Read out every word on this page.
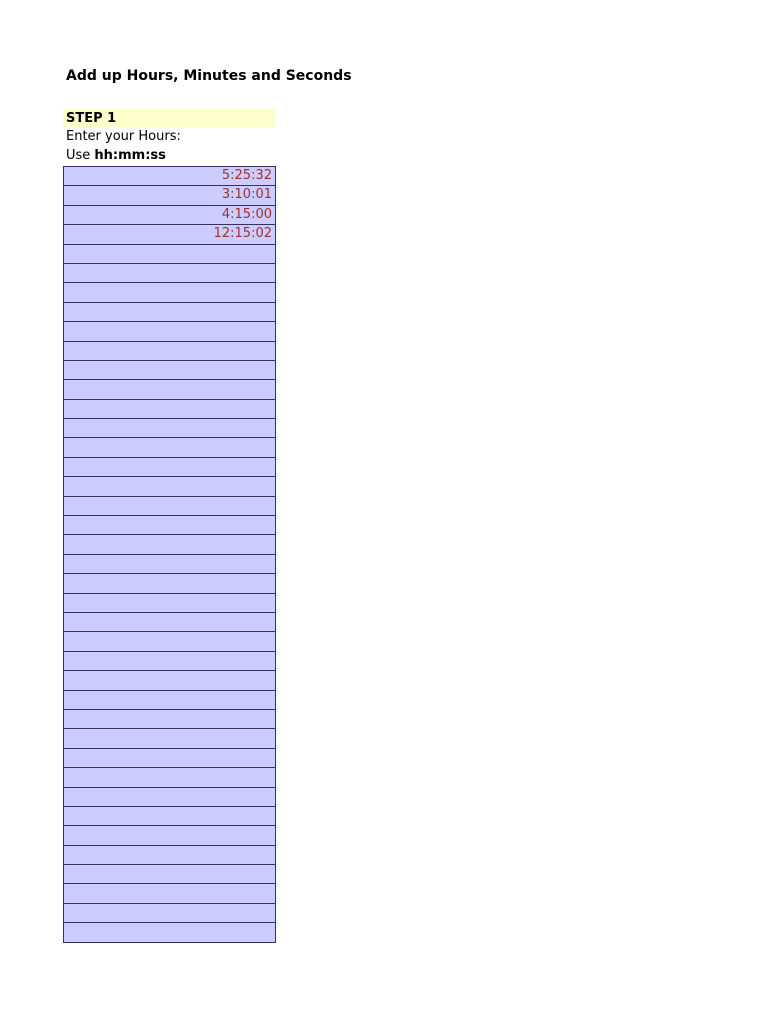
Add up Hours, Minutes and Seconds
STEP 1
Enter your Hours:
Use hh:mm:ss
5:25:32
3:10:01
4:15:00
12:15:02
